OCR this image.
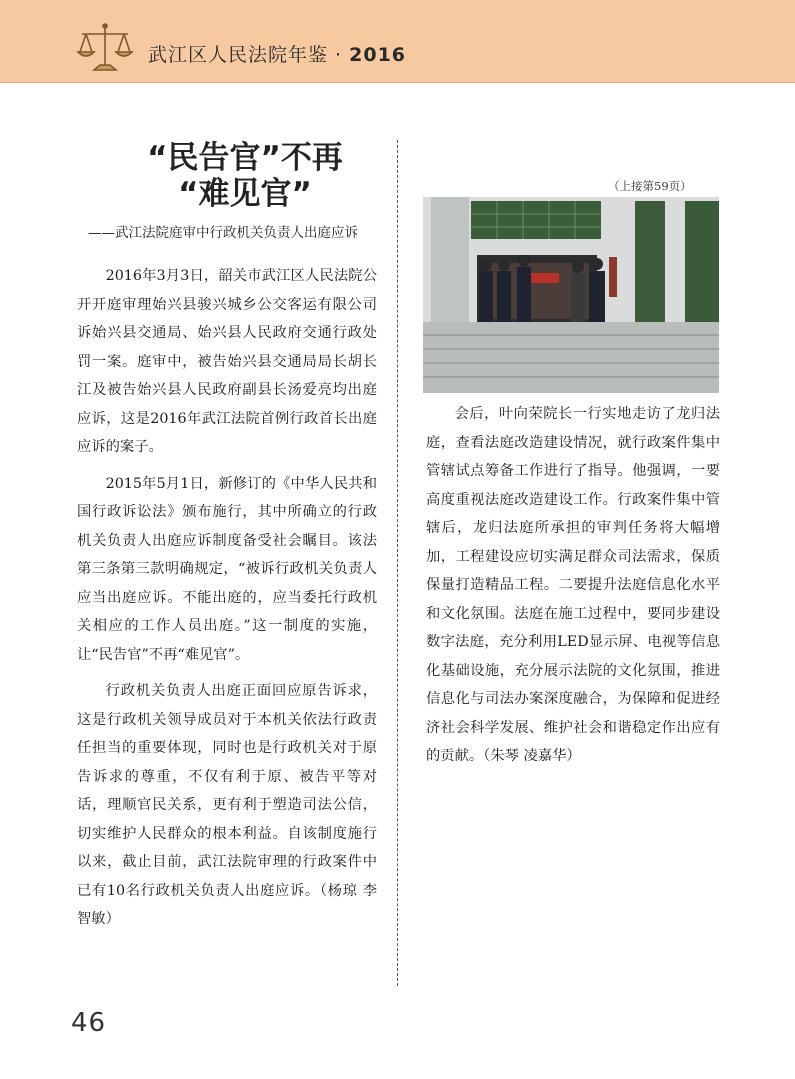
武江区人民法院年鉴 · 2016
“民告官”不再
“难见官”
——武江法院庭审中行政机关负责人出庭应诉

2016年3月3日，韶关市武江区人民法院公开开庭审理始兴县骏兴城乡公交客运有限公司诉始兴县交通局、始兴县人民政府交通行政处罚一案。庭审中，被告始兴县交通局局长胡长江及被告始兴县人民政府副县长汤爱亮均出庭应诉，这是2016年武江法院首例行政首长出庭应诉的案子。

2015年5月1日，新修订的《中华人民共和国行政诉讼法》颁布施行，其中所确立的行政机关负责人出庭应诉制度备受社会瞩目。该法第三条第三款明确规定，“被诉行政机关负责人应当出庭应诉。不能出庭的，应当委托行政机关相应的工作人员出庭。”这一制度的实施，让“民告官”不再“难见官”。

行政机关负责人出庭正面回应原告诉求，这是行政机关领导成员对于本机关依法行政责任担当的重要体现，同时也是行政机关对于原告诉求的尊重，不仅有利于原、被告平等对话，理顺官民关系，更有利于塑造司法公信，切实维护人民群众的根本利益。自该制度施行以来，截止目前，武江法院审理的行政案件中已有10名行政机关负责人出庭应诉。（杨琼 李智敏）

（上接第59页）

会后，叶向荣院长一行实地走访了龙归法庭，查看法庭改造建设情况，就行政案件集中管辖试点筹备工作进行了指导。他强调，一要高度重视法庭改造建设工作。行政案件集中管辖后，龙归法庭所承担的审判任务将大幅增加，工程建设应切实满足群众司法需求，保质保量打造精品工程。二要提升法庭信息化水平和文化氛围。法庭在施工过程中，要同步建设数字法庭，充分利用LED显示屏、电视等信息化基础设施，充分展示法院的文化氛围，推进信息化与司法办案深度融合，为保障和促进经济社会科学发展、维护社会和谐稳定作出应有的贡献。（朱琴 凌嘉华）

46
